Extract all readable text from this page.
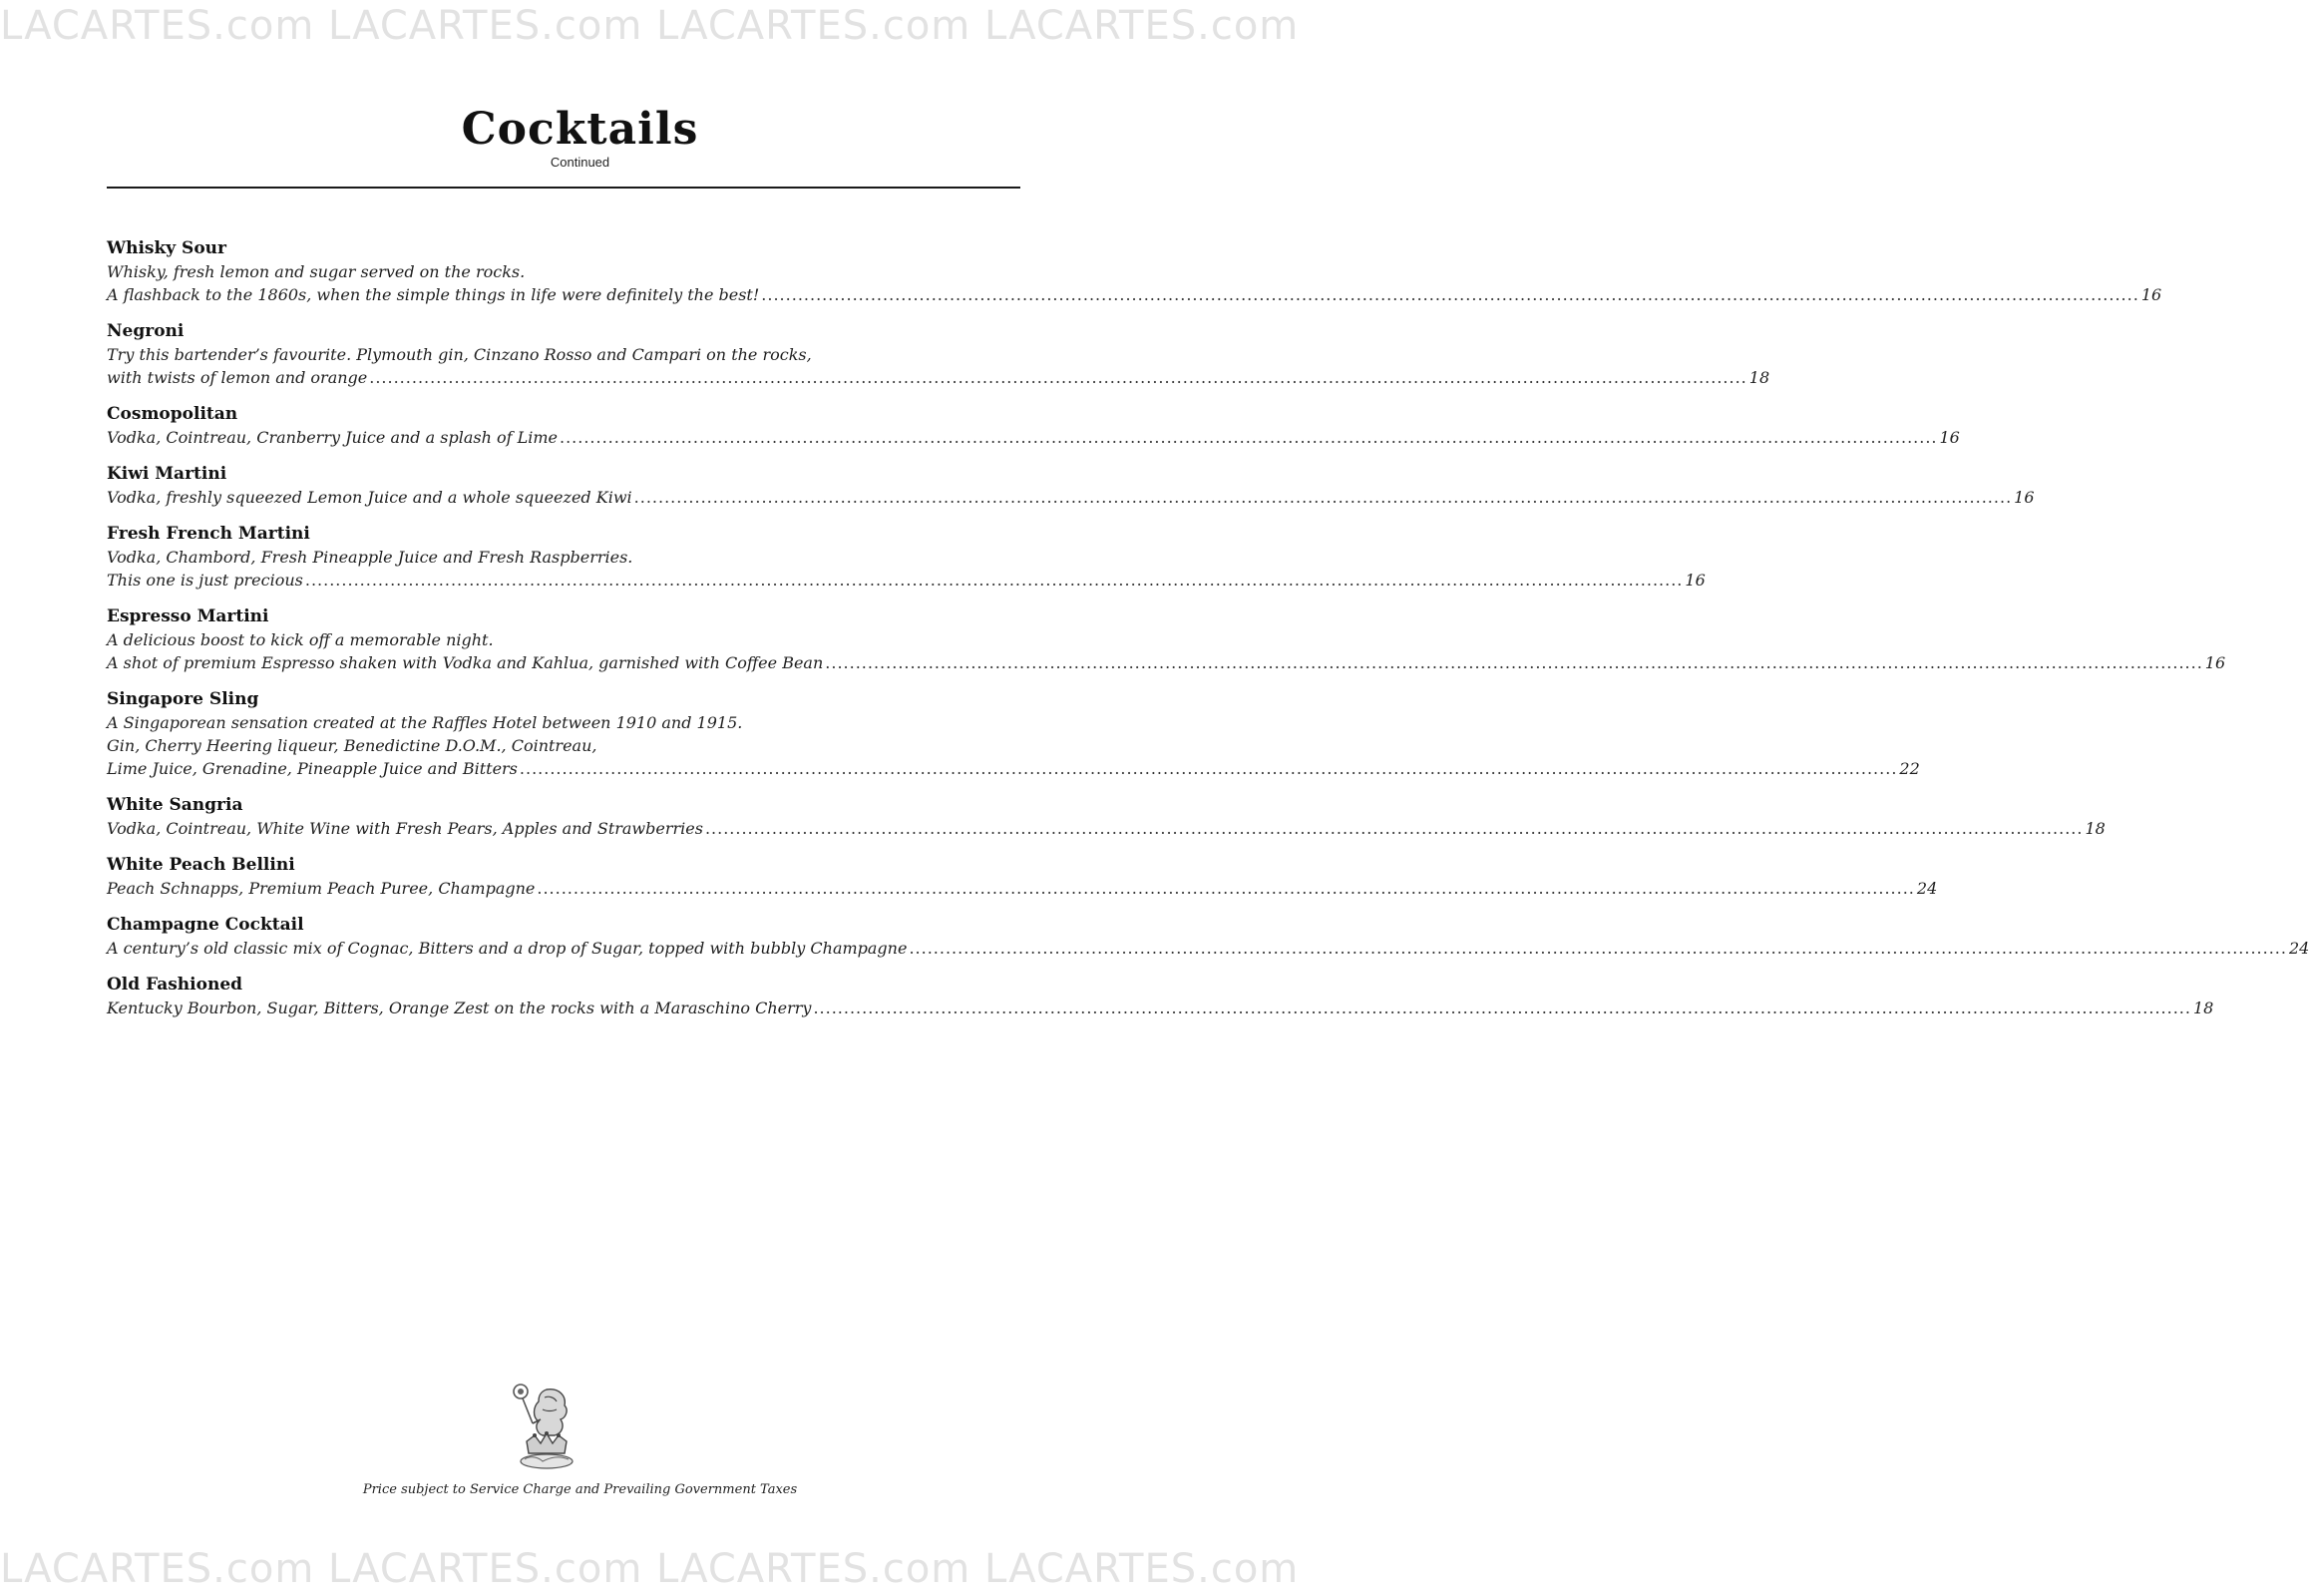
LACARTES.com LACARTES.com LACARTES.com LACARTES.com
Cocktails
Continued
Whisky Sour
Whisky, fresh lemon and sugar served on the rocks.
A flashback to the 1860s, when the simple things in life were definitely the best! .....	16
Negroni
Try this bartender’s favourite. Plymouth gin, Cinzano Rosso and Campari on the rocks,
with twists of lemon and orange .....	18
Cosmopolitan
Vodka, Cointreau, Cranberry Juice and a splash of Lime .....	16
Kiwi Martini
Vodka, freshly squeezed Lemon Juice and a whole squeezed Kiwi .....	16
Fresh French Martini
Vodka, Chambord, Fresh Pineapple Juice and Fresh Raspberries.
This one is just precious .....	16
Espresso Martini
A delicious boost to kick off a memorable night.
A shot of premium Espresso shaken with Vodka and Kahlua, garnished with Coffee Bean .....	16
Singapore Sling
A Singaporean sensation created at the Raffles Hotel between 1910 and 1915.
Gin, Cherry Heering liqueur, Benedictine D.O.M., Cointreau,
Lime Juice, Grenadine, Pineapple Juice and Bitters .....	22
White Sangria
Vodka, Cointreau, White Wine with Fresh Pears, Apples and Strawberries .....	18
White Peach Bellini
Peach Schnapps, Premium Peach Puree, Champagne .....	24
Champagne Cocktail
A century’s old classic mix of Cognac, Bitters and a drop of Sugar, topped with bubbly Champagne .....	24
Old Fashioned
Kentucky Bourbon, Sugar, Bitters, Orange Zest on the rocks with a Maraschino Cherry .....	18
Price subject to Service Charge and Prevailing Government Taxes
LACARTES.com LACARTES.com LACARTES.com LACARTES.com
